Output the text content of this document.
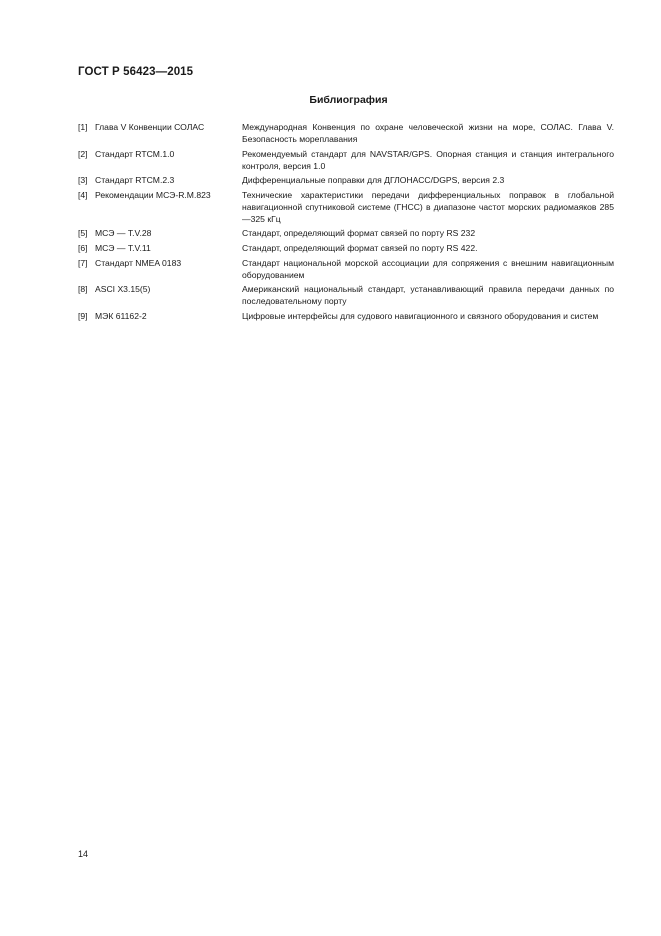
ГОСТ Р 56423—2015
Библиография
[1] Глава V Конвенции СОЛАС	Международная Конвенция по охране человеческой жизни на море, СОЛАС. Глава V. Безопасность мореплавания
[2] Стандарт RTCM.1.0	Рекомендуемый стандарт для NAVSTAR/GPS. Опорная станция и станция интегрального контроля, версия 1.0
[3] Стандарт RTCM.2.3	Дифференциальные поправки для ДГЛОНАСС/DGPS, версия 2.3
[4] Рекомендации МСЭ-R.M.823	Технические характеристики передачи дифференциальных поправок в глобальной навигационной спутниковой системе (ГНСС) в диапазоне частот морских радиомаяков 285—325 кГц
[5] МСЭ — T.V.28	Стандарт, определяющий формат связей по порту RS 232
[6] МСЭ — T.V.11	Стандарт, определяющий формат связей по порту RS 422.
[7] Стандарт NMEA 0183	Стандарт национальной морской ассоциации для сопряжения с внешним навигационным оборудованием
[8] ASCI X3.15(5)	Американский национальный стандарт, устанавливающий правила передачи данных по последовательному порту
[9] МЭК 61162-2	Цифровые интерфейсы для судового навигационного и связного оборудования и систем
14
